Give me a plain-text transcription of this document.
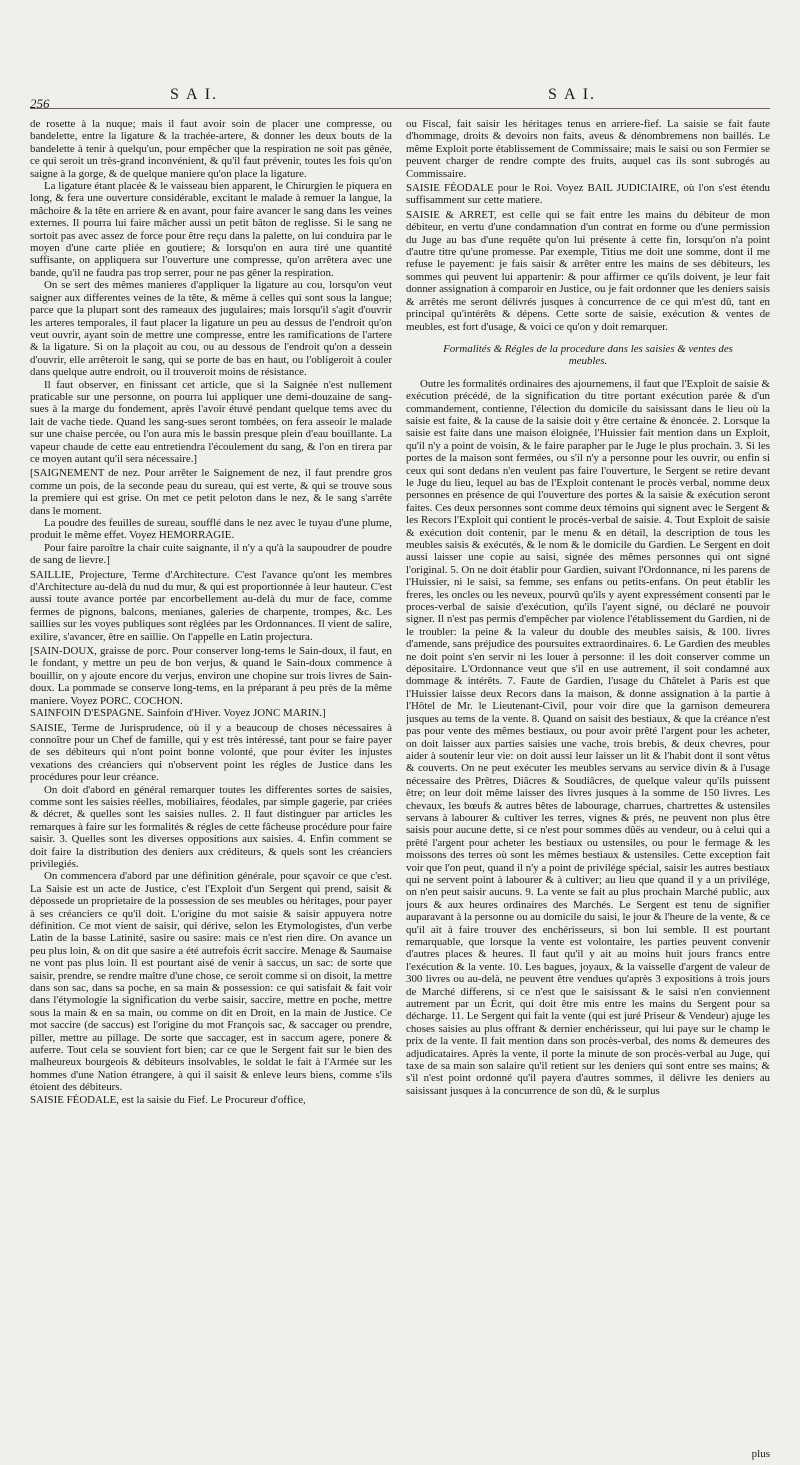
256
S A I.	S A I.

de rosette à la nuque; mais il faut avoir soin de placer une compresse, ou bandelette, entre la ligature & la trachée-artere, & donner les deux bouts de la bandelette à tenir à quelqu'un, pour empêcher que la respiration ne soit pas gênée, ce qui seroit un très-grand inconvénient, & qu'il faut prévenir, toutes les fois qu'on saigne à la gorge, & de quelque maniere qu'on place la ligature.

La ligature étant placée & le vaisseau bien apparent, le Chirurgien le piquera en long, & fera une ouverture considérable, excitant le malade à remuer la langue, la mâchoire & la tête en arriere & en avant, pour faire avancer le sang dans les veines externes. Il pourra lui faire mâcher aussi un petit bâton de reglisse. Si le sang ne sortoit pas avec assez de force pour être reçu dans la palette, on lui conduira par le moyen d'une carte pliée en goutiere; & lorsqu'on en aura tiré une quantité suffisante, on appliquera sur l'ouverture une compresse, qu'on arrêtera avec une bande, qu'il ne faudra pas trop serrer, pour ne pas gêner la respiration.

On se sert des mêmes manieres d'appliquer la ligature au cou, lorsqu'on veut saigner aux differentes veines de la tête, & même à celles qui sont sous la langue; parce que la plupart sont des rameaux des jugulaires; mais lorsqu'il s'agit d'ouvrir les arteres temporales, il faut placer la ligature un peu au dessus de l'endroit qu'on veut ouvrir, ayant soin de mettre une compresse, entre les ramifications de l'artere & la ligature. Si on la plaçoit au cou, ou au dessous de l'endroit qu'on a dessein d'ouvrir, elle arrêteroit le sang, qui se porte de bas en haut, ou l'obligeroit à couler dans quelque autre endroit, ou il trouveroit moins de résistance.

Il faut observer, en finissant cet article, que si la Saignée n'est nullement praticable sur une personne, on pourra lui appliquer une demi-douzaine de sang-sues à la marge du fondement, après l'avoir étuvé pendant quelque tems avec du lait de vache tiede. Quand les sang-sues seront tombées, on fera asseoir le malade sur une chaise percée, ou l'on aura mis le bassin presque plein d'eau bouillante. La vapeur chaude de cette eau entretiendra l'écoulement du sang, & l'on en tirera par ce moyen autant qu'il sera nécessaire.]

[SAIGNEMENT de nez. Pour arrêter le Saignement de nez, il faut prendre gros comme un pois, de la seconde peau du sureau, qui est verte, & qui se trouve sous la premiere qui est grise. On met ce petit peloton dans le nez, & le sang s'arrête dans le moment.

La poudre des feuilles de sureau, soufflé dans le nez avec le tuyau d'une plume, produit le même effet. Voyez HEMORRAGIE.

Pour faire paroître la chair cuite saignante, il n'y a qu'à la saupoudrer de poudre de sang de lievre.]

SAILLIE, Projecture, Terme d'Architecture. C'est l'avance qu'ont les membres d'Architecture au-delà du nud du mur, & qui est proportionnée à leur hauteur. C'est aussi toute avance portée par encorbellement au-delà du mur de face, comme fermes de pignons, balcons, menianes, galeries de charpente, trompes, &c. Les saillies sur les voyes publiques sont réglées par les Ordonnances. Il vient de salire, exilire, s'avancer, être en saillie. On l'appelle en Latin projectura.

[SAIN-DOUX, graisse de porc. Pour conserver long-tems le Sain-doux, il faut, en le fondant, y mettre un peu de bon verjus, & quand le Sain-doux commence à bouillir, on y ajoute encore du verjus, environ une chopine sur trois livres de Sain-doux. La pommade se conserve long-tems, en la préparant à peu près de la même maniere. Voyez PORC. COCHON.

SAINFOIN D'ESPAGNE. Sainfoin d'Hiver. Voyez JONC MARIN.]

SAISIE, Terme de Jurisprudence, où il y a beaucoup de choses nécessaires à connoître pour un Chef de famille, qui y est très intéressé, tant pour se faire payer de ses débiteurs qui n'ont point bonne volonté, que pour éviter les injustes vexations des créanciers qui n'observent point les régles de Justice dans les procédures pour leur créance.

On doit d'abord en général remarquer toutes les differentes sortes de saisies, comme sont les saisies réelles, mobiliaires, féodales, par simple gagerie, par criées & décret, & quelles sont les saisies nulles. 2. Il faut distinguer par articles les remarques à faire sur les formalités & régles de cette fâcheuse procédure pour faire saisir. 3. Quelles sont les diverses oppositions aux saisies. 4. Enfin comment se doit faire la distribution des deniers aux créditeurs, & quels sont les créanciers privilegiés.

On commencera d'abord par une définition générale, pour sçavoir ce que c'est. La Saisie est un acte de Justice, c'est l'Exploit d'un Sergent qui prend, saisit & dépossede un proprietaire de la possession de ses meubles ou héritages, pour payer à ses créanciers ce qu'il doit. L'origine du mot saisie & saisir appuyera notre définition. Ce mot vient de saisir, qui dérive, selon les Etymologistes, d'un verbe Latin de la basse Latinité, sasire ou sasire: mais ce n'est rien dire. On avance un peu plus loin, & on dit que sasire a été autrefois écrit saccire. Menage & Saumaise ne vont pas plus loin. Il est pourtant aisé de venir à saccus, un sac: de sorte que saisir, prendre, se rendre maître d'une chose, ce seroit comme si on disoit, la mettre dans son sac, dans sa poche, en sa main & possession: ce qui satisfait & fait voir dans l'étymologie la signification du verbe saisir, saccire, mettre en poche, mettre sous la main & en sa main, ou comme on dit en Droit, en la main de Justice. Ce mot saccire (de saccus) est l'origine du mot François sac, & saccager ou prendre, piller, mettre au pillage. De sorte que saccager, est in saccum agere, ponere & auferre. Tout cela se souvient fort bien; car ce que le Sergent fait sur le bien des malheureux bourgeois & débiteurs insolvables, le soldat le fait à l'Armée sur les hommes d'une Nation étrangere, à qui il saisit & enleve leurs biens, comme s'ils étoient des débiteurs.

SAISIE FÉODALE, est la saisie du Fief. Le Procureur d'office,

ou Fiscal, fait saisir les héritages tenus en arriere-fief. La saisie se fait faute d'hommage, droits & devoirs non faits, aveus & dénombremens non baillés. Le même Exploit porte établissement de Commissaire; mais le saisi ou son Fermier se peuvent charger de rendre compte des fruits, auquel cas ils sont subrogés au Commissaire.

SAISIE FÉODALE pour le Roi. Voyez BAIL JUDICIAIRE, où l'on s'est étendu suffisamment sur cette matiere.

SAISIE & ARRET, est celle qui se fait entre les mains du débiteur de mon débiteur, en vertu d'une condamnation d'un contrat en forme ou d'une permission du Juge au bas d'une requête qu'on lui présente à cette fin, lorsqu'on n'a point d'autre titre qu'une promesse. Par exemple, Titius me doit une somme, dont il me refuse le payement: je fais saisir & arrêter entre les mains de ses débiteurs, les sommes qui peuvent lui appartenir: & pour affirmer ce qu'ils doivent, je leur fait donner assignation à comparoir en Justice, ou je fait ordonner que les deniers saisis & arrêtés me seront délivrés jusques à concurrence de ce qui m'est dû, tant en principal qu'intérêts & dépens. Cette sorte de saisie, exécution & ventes de meubles, est fort d'usage, & voici ce qu'on y doit remarquer.

Formalités & Régles de la procedure dans les saisies & ventes des meubles.

Outre les formalités ordinaires des ajournemens, il faut que l'Exploit de saisie & exécution précédé, de la signification du titre portant exécution parée & d'un commandement, contienne, l'élection du domicile du saisissant dans le lieu où la saisie est faite, & la cause de la saisie doit y être certaine & énoncée. 2. Lorsque la saisie est faite dans une maison éloignée, l'Huissier fait mention dans un Exploit, qu'il n'y a point de voisin, & le faire parapher par le Juge le plus prochain. 3. Si les portes de la maison sont fermées, ou s'il n'y a personne pour les ouvrir, ou enfin si ceux qui sont dedans n'en veulent pas faire l'ouverture, le Sergent se retire devant le Juge du lieu, lequel au bas de l'Exploit contenant le procès verbal, nomme deux personnes en présence de qui l'ouverture des portes & la saisie & exécution seront faites. Ces deux personnes sont comme deux témoins qui signent avec le Sergent & les Recors l'Exploit qui contient le procès-verbal de saisie. 4. Tout Exploit de saisie & exécution doit contenir, par le menu & en détail, la description de tous les meubles saisis & exécutés, & le nom & le domicile du Gardien. Le Sergent en doit aussi laisser une copie au saisi, signée des mêmes personnes qui ont signé l'original. 5. On ne doit établir pour Gardien, suivant l'Ordonnance, ni les parens de l'Huissier, ni le saisi, sa femme, ses enfans ou petits-enfans. On peut établir les freres, les oncles ou les neveux, pourvû qu'ils y ayent expressément consenti par le proces-verbal de saisie d'exécution, qu'ils l'ayent signé, ou déclaré ne pouvoir signer. Il n'est pas permis d'empêcher par violence l'établissement du Gardien, ni de le troubler: la peine & la valeur du double des meubles saisis, & 100. livres d'amende, sans préjudice des poursuites extraordinaires. 6. Le Gardien des meubles ne doit point s'en servir ni les louer à personne: il les doit conserver comme un dépositaire. L'Ordonnance veut que s'il en use autrement, il soit condamné aux dommage & intérêts. 7. Faute de Gardien, l'usage du Châtelet à Paris est que l'Huissier laisse deux Recors dans la maison, & donne assignation à la partie à l'Hôtel de Mr. le Lieutenant-Civil, pour voir dire que la garnison demeurera jusques au tems de la vente. 8. Quand on saisit des bestiaux, & que la créance n'est pas pour vente des mêmes bestiaux, ou pour avoir prêté l'argent pour les acheter, on doit laisser aux parties saisies une vache, trois brebis, & deux chevres, pour aider à soutenir leur vie: on doit aussi leur laisser un lit & l'habit dont il sont vêtus & couverts. On ne peut exécuter les meubles servans au service divin & à l'usage nécessaire des Prêtres, Diâcres & Soudiâcres, de quelque valeur qu'ils puissent être; on leur doit même laisser des livres jusques à la somme de 150 livres. Les chevaux, les bœufs & autres bêtes de labourage, charrues, chartrettes & ustensiles servans à labourer & cultiver les terres, vignes & prés, ne peuvent non plus être saisis pour aucune dette, si ce n'est pour sommes dûës au vendeur, ou à celui qui a prêté l'argent pour acheter les bestiaux ou ustensiles, ou pour le fermage & les moissons des terres où sont les mêmes bestiaux & ustensiles. Cette exception fait voir que l'on peut, quand il n'y a point de privilége spécial, saisir les autres bestiaux qui ne servent point à labourer & à cultiver; au lieu que quand il y a un privilége, on n'en peut saisir aucuns. 9. La vente se fait au plus prochain Marché public, aux jours & aux heures ordinaires des Marchés. Le Sergent est tenu de signifier auparavant à la personne ou au domicile du saisi, le jour & l'heure de la vente, & ce qu'il ait à faire trouver des enchérisseurs, si bon lui semble. Il est pourtant remarquable, que lorsque la vente est volontaire, les parties peuvent convenir d'autres places & heures. Il faut qu'il y ait au moins huit jours francs entre l'exécution & la vente. 10. Les bagues, joyaux, & la vaisselle d'argent de valeur de 300 livres ou au-delà, ne peuvent être vendues qu'après 3 expositions à trois jours de Marché differens, si ce n'est que le saisissant & le saisi n'en conviennent autrement par un Écrit, qui doit être mis entre les mains du Sergent pour sa décharge. 11. Le Sergent qui fait la vente (qui est juré Priseur & Vendeur) ajuge les choses saisies au plus offrant & dernier enchérisseur, qui lui paye sur le champ le prix de la vente. Il fait mention dans son procès-verbal, des noms & demeures des adjudicataires. Après la vente, il porte la minute de son procès-verbal au Juge, qui taxe de sa main son salaire qu'il retient sur les deniers qui sont entre ses mains; & s'il n'est point ordonné qu'il payera d'autres sommes, il délivre les deniers au saisissant jusques à la concurrence de son dû, & le surplus

plus
